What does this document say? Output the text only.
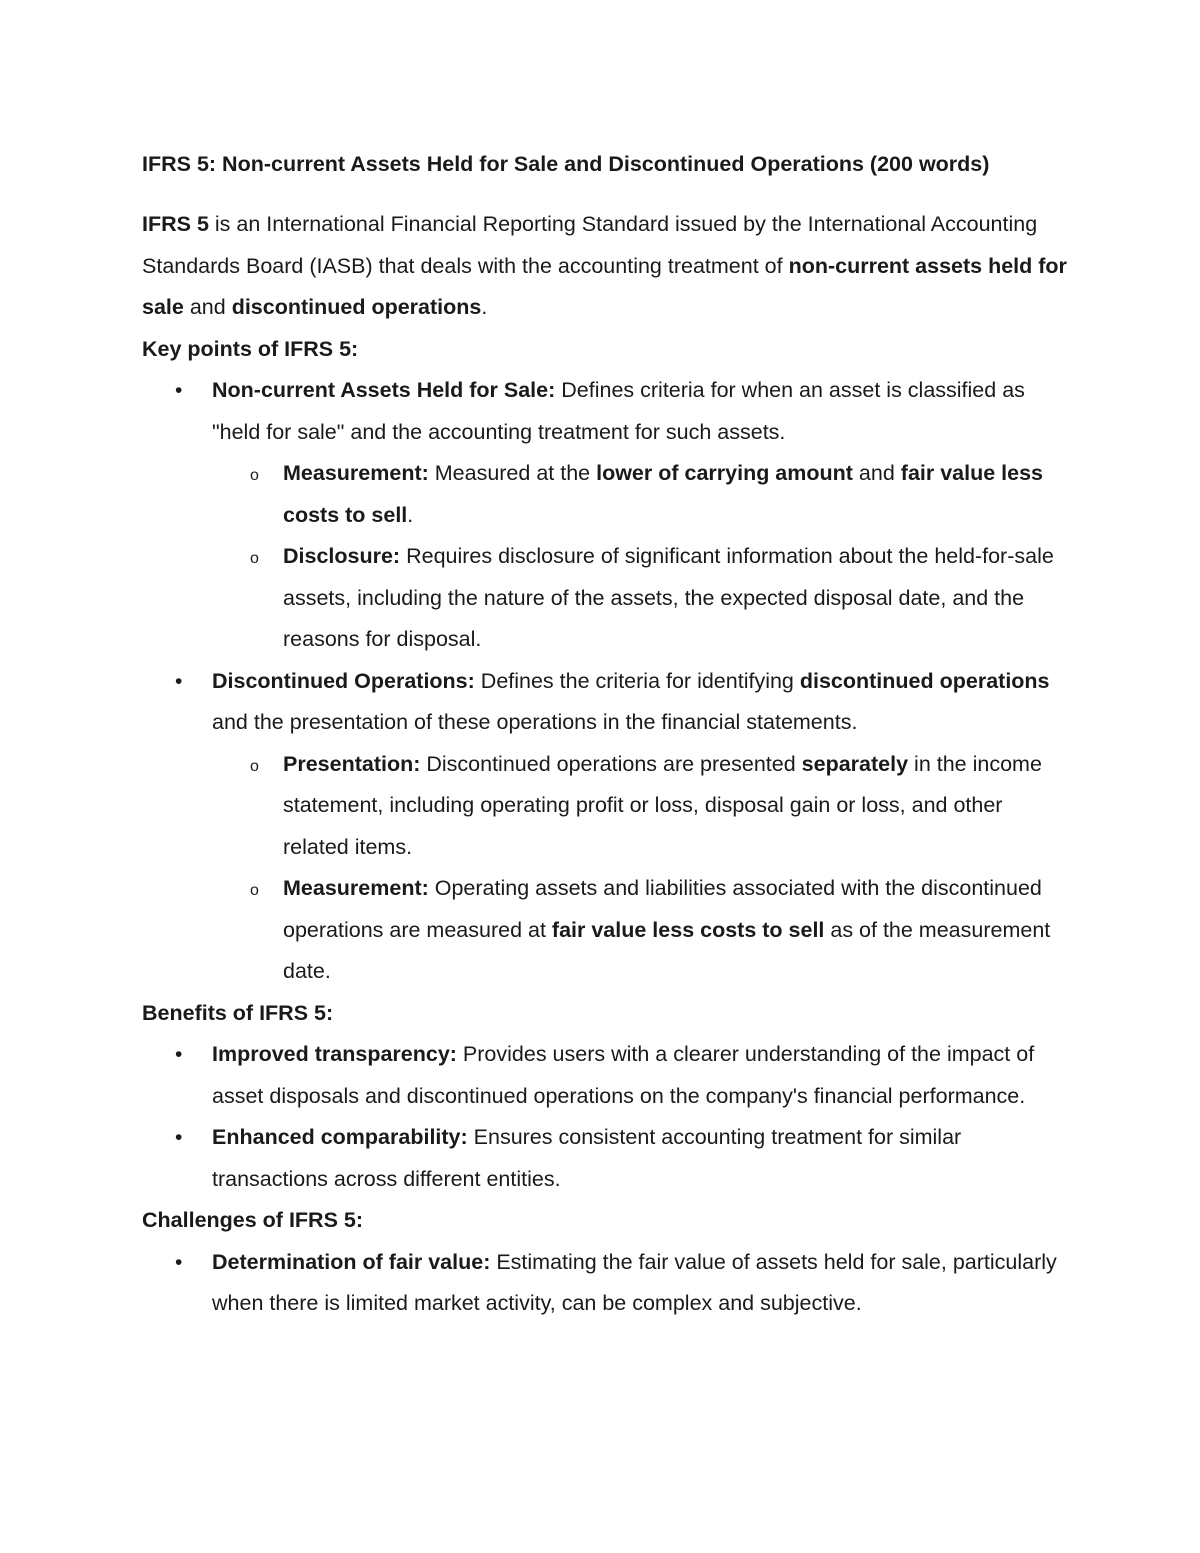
IFRS 5: Non-current Assets Held for Sale and Discontinued Operations (200 words)

IFRS 5 is an International Financial Reporting Standard issued by the International Accounting Standards Board (IASB) that deals with the accounting treatment of non-current assets held for sale and discontinued operations.

Key points of IFRS 5:
• Non-current Assets Held for Sale: Defines criteria for when an asset is classified as "held for sale" and the accounting treatment for such assets.
o Measurement: Measured at the lower of carrying amount and fair value less costs to sell.
o Disclosure: Requires disclosure of significant information about the held-for-sale assets, including the nature of the assets, the expected disposal date, and the reasons for disposal.
• Discontinued Operations: Defines the criteria for identifying discontinued operations and the presentation of these operations in the financial statements.
o Presentation: Discontinued operations are presented separately in the income statement, including operating profit or loss, disposal gain or loss, and other related items.
o Measurement: Operating assets and liabilities associated with the discontinued operations are measured at fair value less costs to sell as of the measurement date.
Benefits of IFRS 5:
• Improved transparency: Provides users with a clearer understanding of the impact of asset disposals and discontinued operations on the company's financial performance.
• Enhanced comparability: Ensures consistent accounting treatment for similar transactions across different entities.
Challenges of IFRS 5:
• Determination of fair value: Estimating the fair value of assets held for sale, particularly when there is limited market activity, can be complex and subjective.
